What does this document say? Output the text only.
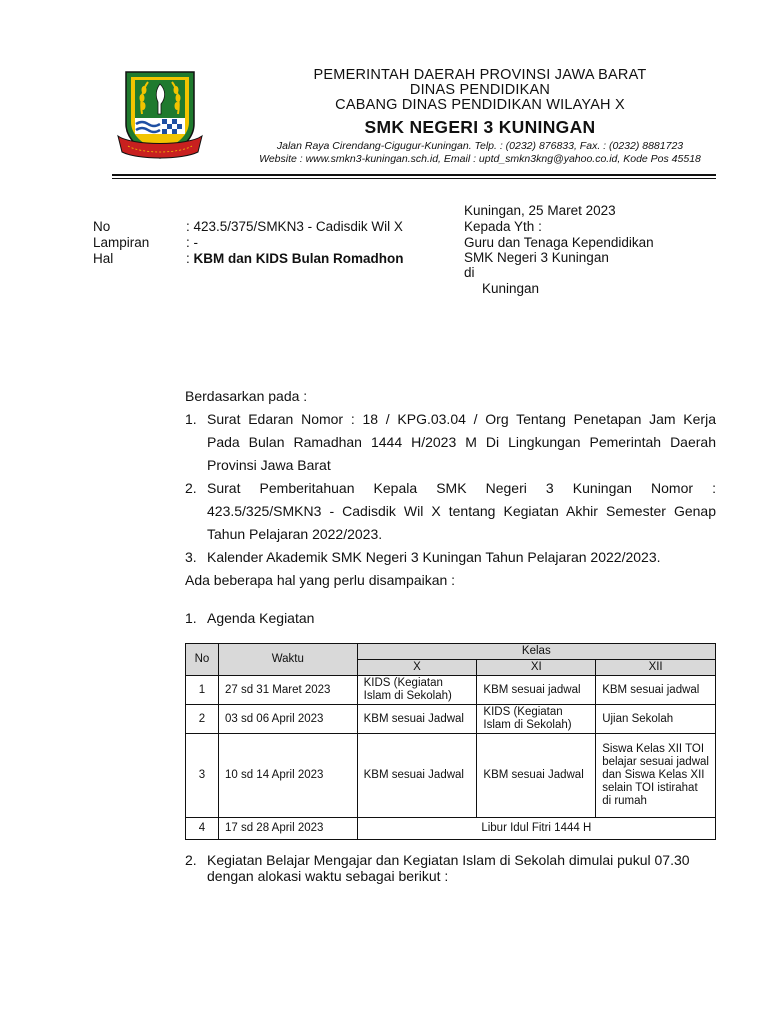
PEMERINTAH DAERAH PROVINSI JAWA BARAT
DINAS PENDIDIKAN
CABANG DINAS PENDIDIKAN WILAYAH X
SMK NEGERI 3 KUNINGAN
Jalan Raya Cirendang-Cigugur-Kuningan. Telp. : (0232) 876833, Fax. : (0232) 8881723
Website : www.smkn3-kuningan.sch.id, Email : uptd_smkn3kng@yahoo.co.id, Kode Pos 45518
No	: 423.5/375/SMKN3 - Cadisdik Wil X
Lampiran	: -
Hal	: KBM dan KIDS Bulan Romadhon
Kuningan, 25 Maret 2023
Kepada Yth :
Guru dan Tenaga Kependidikan
SMK Negeri 3 Kuningan
di
Kuningan
Berdasarkan pada :
1. Surat Edaran Nomor : 18 / KPG.03.04 / Org Tentang Penetapan Jam Kerja
Pada Bulan Ramadhan 1444 H/2023 M Di Lingkungan Pemerintah Daerah
Provinsi Jawa Barat
2. Surat Pemberitahuan Kepala SMK Negeri 3 Kuningan Nomor :
423.5/325/SMKN3 - Cadisdik Wil X tentang Kegiatan Akhir Semester Genap
Tahun Pelajaran 2022/2023.
3. Kalender Akademik SMK Negeri 3 Kuningan Tahun Pelajaran 2022/2023.
Ada beberapa hal yang perlu disampaikan :
1. Agenda Kegiatan
No	Waktu	Kelas		
		X	XI	XII
1	27 sd 31 Maret 2023	KIDS (Kegiatan Islam di Sekolah)	KBM sesuai jadwal	KBM sesuai jadwal
2	03 sd 06 April 2023	KBM sesuai Jadwal	KIDS (Kegiatan Islam di Sekolah)	Ujian Sekolah
3	10 sd 14 April 2023	KBM sesuai Jadwal	KBM sesuai Jadwal	Siswa Kelas XII TOI belajar sesuai jadwal dan Siswa Kelas XII selain TOI istirahat di rumah
4	17 sd 28 April 2023	Libur Idul Fitri 1444 H		
2. Kegiatan Belajar Mengajar dan Kegiatan Islam di Sekolah dimulai pukul 07.30
dengan alokasi waktu sebagai berikut :
